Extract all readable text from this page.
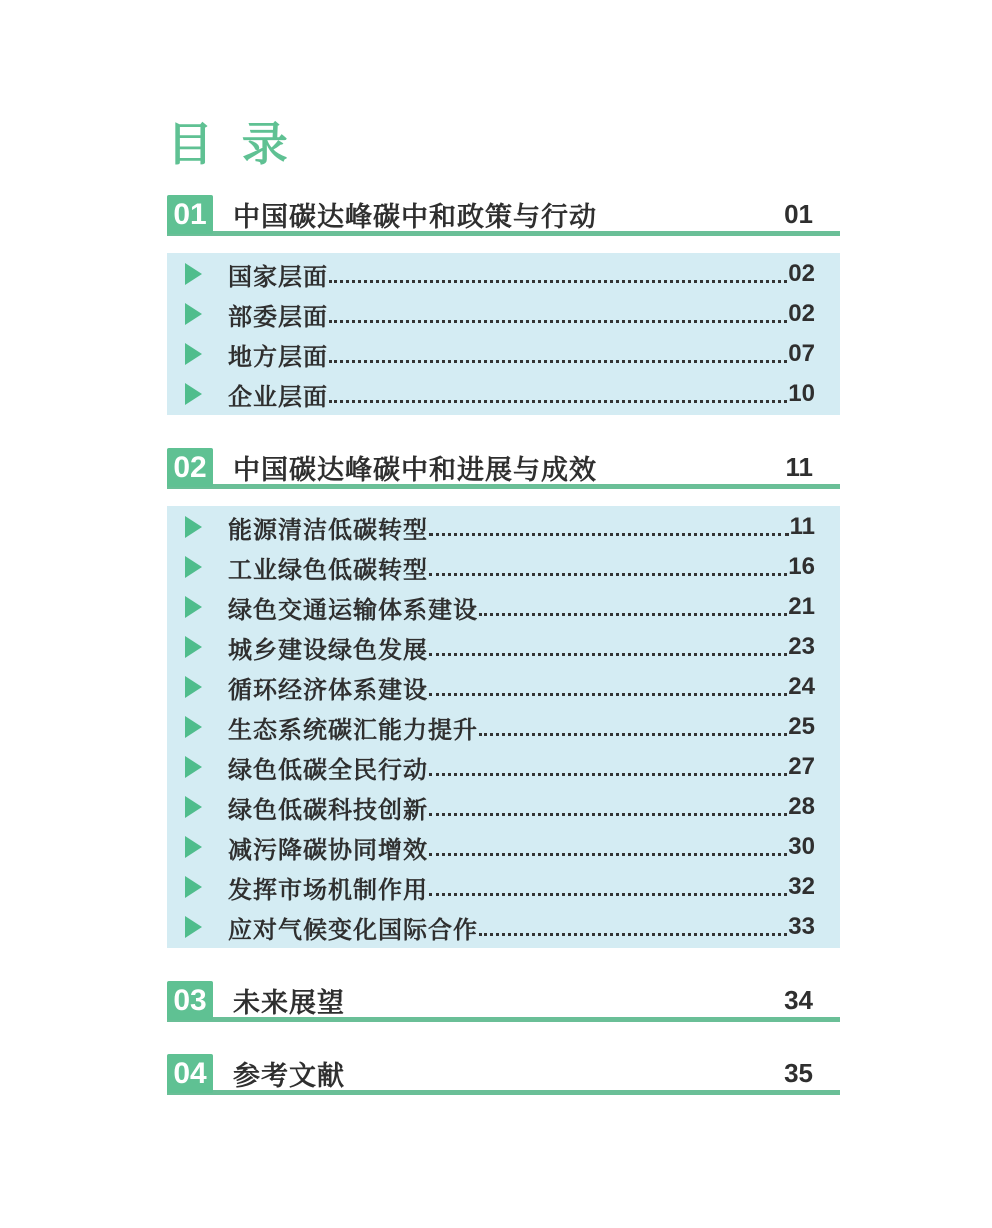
目 录
01 中国碳达峰碳中和政策与行动	01
国家层面	02
部委层面	02
地方层面	07
企业层面	10
02 中国碳达峰碳中和进展与成效	11
能源清洁低碳转型	11
工业绿色低碳转型	16
绿色交通运输体系建设	21
城乡建设绿色发展	23
循环经济体系建设	24
生态系统碳汇能力提升	25
绿色低碳全民行动	27
绿色低碳科技创新	28
减污降碳协同增效	30
发挥市场机制作用	32
应对气候变化国际合作	33
03 未来展望	34
04 参考文献	35
